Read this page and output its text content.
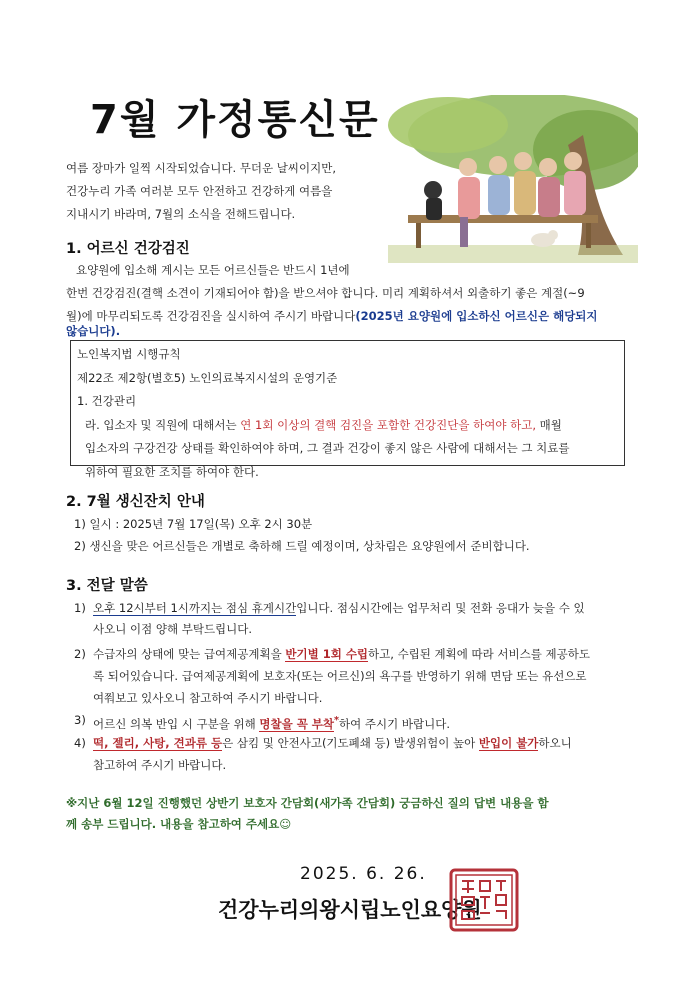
7월 가정통신문
여름 장마가 일찍 시작되었습니다. 무더운 날씨이지만,
건강누리 가족 여러분 모두 안전하고 건강하게 여름을
지내시기 바라며, 7월의 소식을 전해드립니다.
1. 어르신 건강검진
요양원에 입소해 계시는 모든 어르신들은 반드시 1년에
한번 건강검진(결핵 소견이 기재되어야 함)을 받으셔야 합니다. 미리 계획하셔서 외출하기 좋은 계절(~9
월)에 마무리되도록 건강검진을 실시하여 주시기 바랍니다(2025년 요양원에 입소하신 어르신은 해당되지
않습니다).
노인복지법 시행규칙
제22조 제2항(별호5) 노인의료복지시설의 운영기준
1. 건강관리
라. 입소자 및 직원에 대해서는 연 1회 이상의 결핵 검진을 포함한 건강진단을 하여야 하고, 매월
입소자의 구강건강 상태를 확인하여야 하며, 그 결과 건강이 좋지 않은 사람에 대해서는 그 치료를
위하여 필요한 조치를 하여야 한다.
2. 7월 생신잔치 안내
1) 일시 : 2025년 7월 17일(목) 오후 2시 30분
2) 생신을 맞은 어르신들은 개별로 축하해 드릴 예정이며, 상차림은 요양원에서 준비합니다.
3. 전달 말씀
1) 오후 12시부터 1시까지는 점심 휴게시간입니다. 점심시간에는 업무처리 및 전화 응대가 늦을 수 있
사오니 이점 양해 부탁드립니다.
2) 수급자의 상태에 맞는 급여제공계획을 반기별 1회 수립하고, 수립된 계획에 따라 서비스를 제공하도
록 되어있습니다. 급여제공계획에 보호자(또는 어르신)의 욕구를 반영하기 위해 면담 또는 유선으로
여쭤보고 있사오니 참고하여 주시기 바랍니다.
3) 어르신 의복 반입 시 구분을 위해 명찰을 꼭 부착*하여 주시기 바랍니다.
4) 떡, 젤리, 사탕, 견과류 등은 삼킴 및 안전사고(기도폐쇄 등) 발생위험이 높아 반입이 불가하오니
참고하여 주시기 바랍니다.
※지난 6월 12일 진행했던 상반기 보호자 간담회(새가족 간담회) 궁금하신 질의 답변 내용을 함
께 송부 드립니다. 내용을 참고하여 주세요☺
2025. 6. 26.
건강누리의왕시립노인요양원
